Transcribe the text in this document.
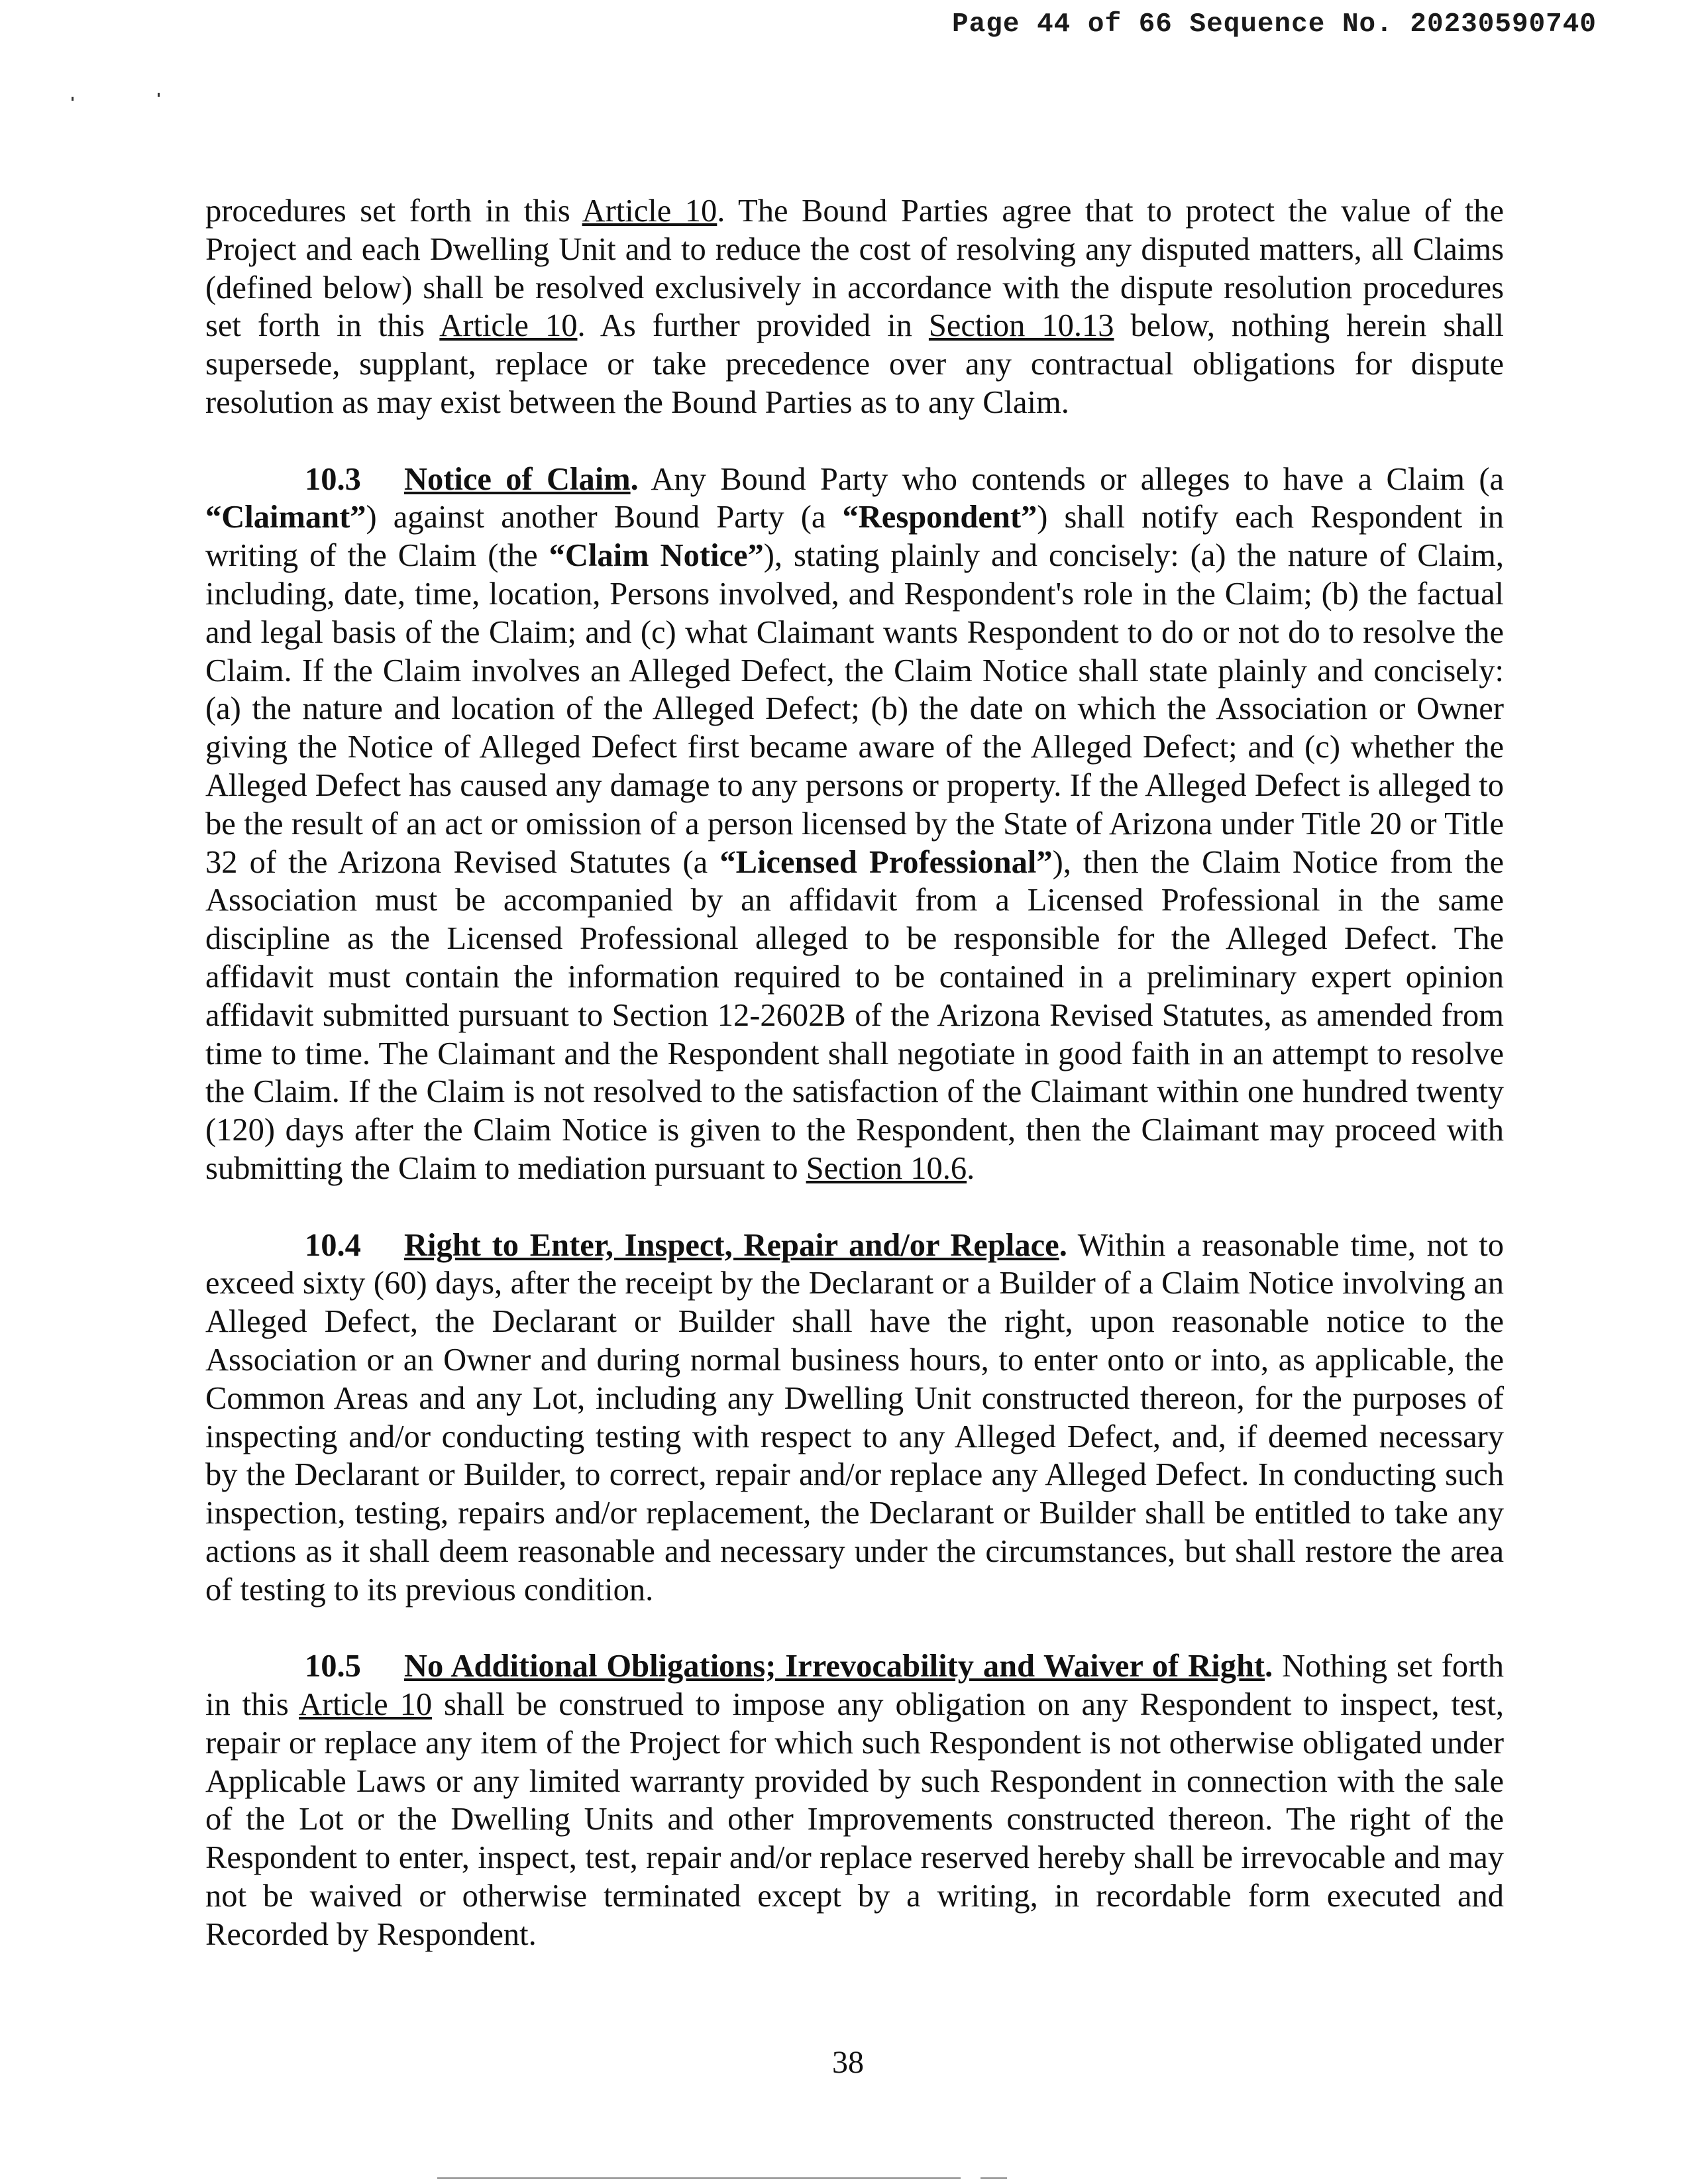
Page 44 of 66 Sequence No. 20230590740

procedures set forth in this Article 10. The Bound Parties agree that to protect the value of the Project and each Dwelling Unit and to reduce the cost of resolving any disputed matters, all Claims (defined below) shall be resolved exclusively in accordance with the dispute resolution procedures set forth in this Article 10. As further provided in Section 10.13 below, nothing herein shall supersede, supplant, replace or take precedence over any contractual obligations for dispute resolution as may exist between the Bound Parties as to any Claim.

10.3 Notice of Claim. Any Bound Party who contends or alleges to have a Claim (a “Claimant”) against another Bound Party (a “Respondent”) shall notify each Respondent in writing of the Claim (the “Claim Notice”), stating plainly and concisely: (a) the nature of Claim, including, date, time, location, Persons involved, and Respondent's role in the Claim; (b) the factual and legal basis of the Claim; and (c) what Claimant wants Respondent to do or not do to resolve the Claim. If the Claim involves an Alleged Defect, the Claim Notice shall state plainly and concisely: (a) the nature and location of the Alleged Defect; (b) the date on which the Association or Owner giving the Notice of Alleged Defect first became aware of the Alleged Defect; and (c) whether the Alleged Defect has caused any damage to any persons or property. If the Alleged Defect is alleged to be the result of an act or omission of a person licensed by the State of Arizona under Title 20 or Title 32 of the Arizona Revised Statutes (a “Licensed Professional”), then the Claim Notice from the Association must be accompanied by an affidavit from a Licensed Professional in the same discipline as the Licensed Professional alleged to be responsible for the Alleged Defect. The affidavit must contain the information required to be contained in a preliminary expert opinion affidavit submitted pursuant to Section 12-2602B of the Arizona Revised Statutes, as amended from time to time. The Claimant and the Respondent shall negotiate in good faith in an attempt to resolve the Claim. If the Claim is not resolved to the satisfaction of the Claimant within one hundred twenty (120) days after the Claim Notice is given to the Respondent, then the Claimant may proceed with submitting the Claim to mediation pursuant to Section 10.6.

10.4 Right to Enter, Inspect, Repair and/or Replace. Within a reasonable time, not to exceed sixty (60) days, after the receipt by the Declarant or a Builder of a Claim Notice involving an Alleged Defect, the Declarant or Builder shall have the right, upon reasonable notice to the Association or an Owner and during normal business hours, to enter onto or into, as applicable, the Common Areas and any Lot, including any Dwelling Unit constructed thereon, for the purposes of inspecting and/or conducting testing with respect to any Alleged Defect, and, if deemed necessary by the Declarant or Builder, to correct, repair and/or replace any Alleged Defect. In conducting such inspection, testing, repairs and/or replacement, the Declarant or Builder shall be entitled to take any actions as it shall deem reasonable and necessary under the circumstances, but shall restore the area of testing to its previous condition.

10.5 No Additional Obligations; Irrevocability and Waiver of Right. Nothing set forth in this Article 10 shall be construed to impose any obligation on any Respondent to inspect, test, repair or replace any item of the Project for which such Respondent is not otherwise obligated under Applicable Laws or any limited warranty provided by such Respondent in connection with the sale of the Lot or the Dwelling Units and other Improvements constructed thereon. The right of the Respondent to enter, inspect, test, repair and/or replace reserved hereby shall be irrevocable and may not be waived or otherwise terminated except by a writing, in recordable form executed and Recorded by Respondent.

38
